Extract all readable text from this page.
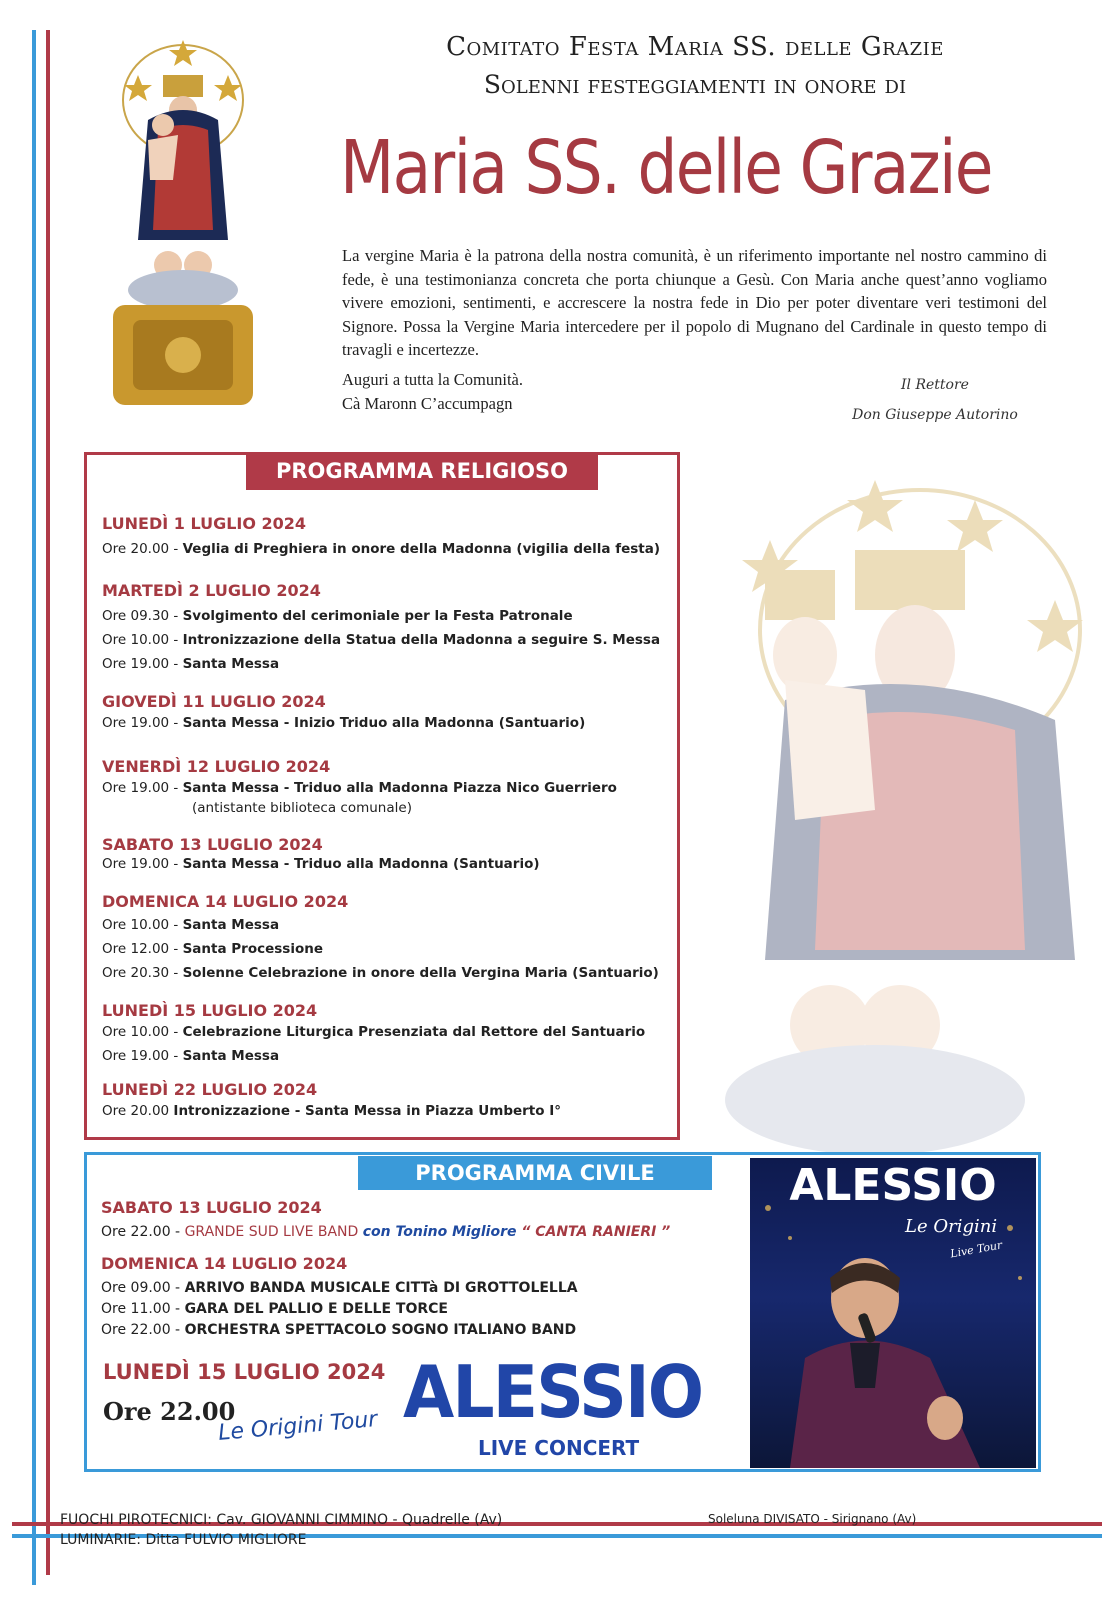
Comitato Festa Maria SS. delle Grazie
Solenni festeggiamenti in onore di
Maria SS. delle Grazie
La vergine Maria è la patrona della nostra comunità, è un riferimento importante nel nostro cammino di fede, è una testimonianza concreta che porta chiunque a Gesù. Con Maria anche quest’anno vogliamo vivere emozioni, sentimenti, e accrescere la nostra fede in Dio per poter diventare veri testimoni del Signore. Possa la Vergine Maria intercedere per il popolo di Mugnano del Cardinale in questo tempo di travagli e incertezze.
Auguri a tutta la Comunità.
Cà Maronn C’accumpagn
Il Rettore
Don Giuseppe Autorino
PROGRAMMA RELIGIOSO
LUNEDÌ 1 LUGLIO 2024
Ore 20.00 - Veglia di Preghiera in onore della Madonna (vigilia della festa)
MARTEDÌ 2 LUGLIO 2024
Ore 09.30 - Svolgimento del cerimoniale per la Festa Patronale
Ore 10.00 - Intronizzazione della Statua della Madonna a seguire S. Messa
Ore 19.00 - Santa Messa
GIOVEDÌ 11 LUGLIO 2024
Ore 19.00 - Santa Messa - Inizio Triduo alla Madonna (Santuario)
VENERDÌ 12 LUGLIO 2024
Ore 19.00 - Santa Messa - Triduo alla Madonna Piazza Nico Guerriero
(antistante biblioteca comunale)
SABATO 13 LUGLIO 2024
Ore 19.00 - Santa Messa - Triduo alla Madonna (Santuario)
DOMENICA 14 LUGLIO 2024
Ore 10.00 - Santa Messa
Ore 12.00 - Santa Processione
Ore 20.30 - Solenne Celebrazione in onore della Vergina Maria (Santuario)
LUNEDÌ 15 LUGLIO 2024
Ore 10.00 - Celebrazione Liturgica Presenziata dal Rettore del Santuario
Ore 19.00 - Santa Messa
LUNEDÌ 22 LUGLIO 2024
Ore 20.00 Intronizzazione - Santa Messa in Piazza Umberto I°
PROGRAMMA CIVILE
SABATO 13 LUGLIO 2024
Ore 22.00 - GRANDE SUD LIVE BAND con Tonino Migliore “ CANTA RANIERI ”
DOMENICA 14 LUGLIO 2024
Ore 09.00 - ARRIVO BANDA MUSICALE CITTà DI GROTTOLELLA
Ore 11.00 - GARA DEL PALLIO E DELLE TORCE
Ore 22.00 - ORCHESTRA SPETTACOLO SOGNO ITALIANO BAND
LUNEDÌ 15 LUGLIO 2024
Ore 22.00
Le Origini Tour ALESSIO
LIVE CONCERT
ALESSIO
Le Origini
Live Tour
FUOCHI PIROTECNICI: Cav. GIOVANNI CIMMINO - Quadrelle (Av)
LUMINARIE: Ditta FULVIO MIGLIORE
Soleluna DIVISATO - Sirignano (Av)
